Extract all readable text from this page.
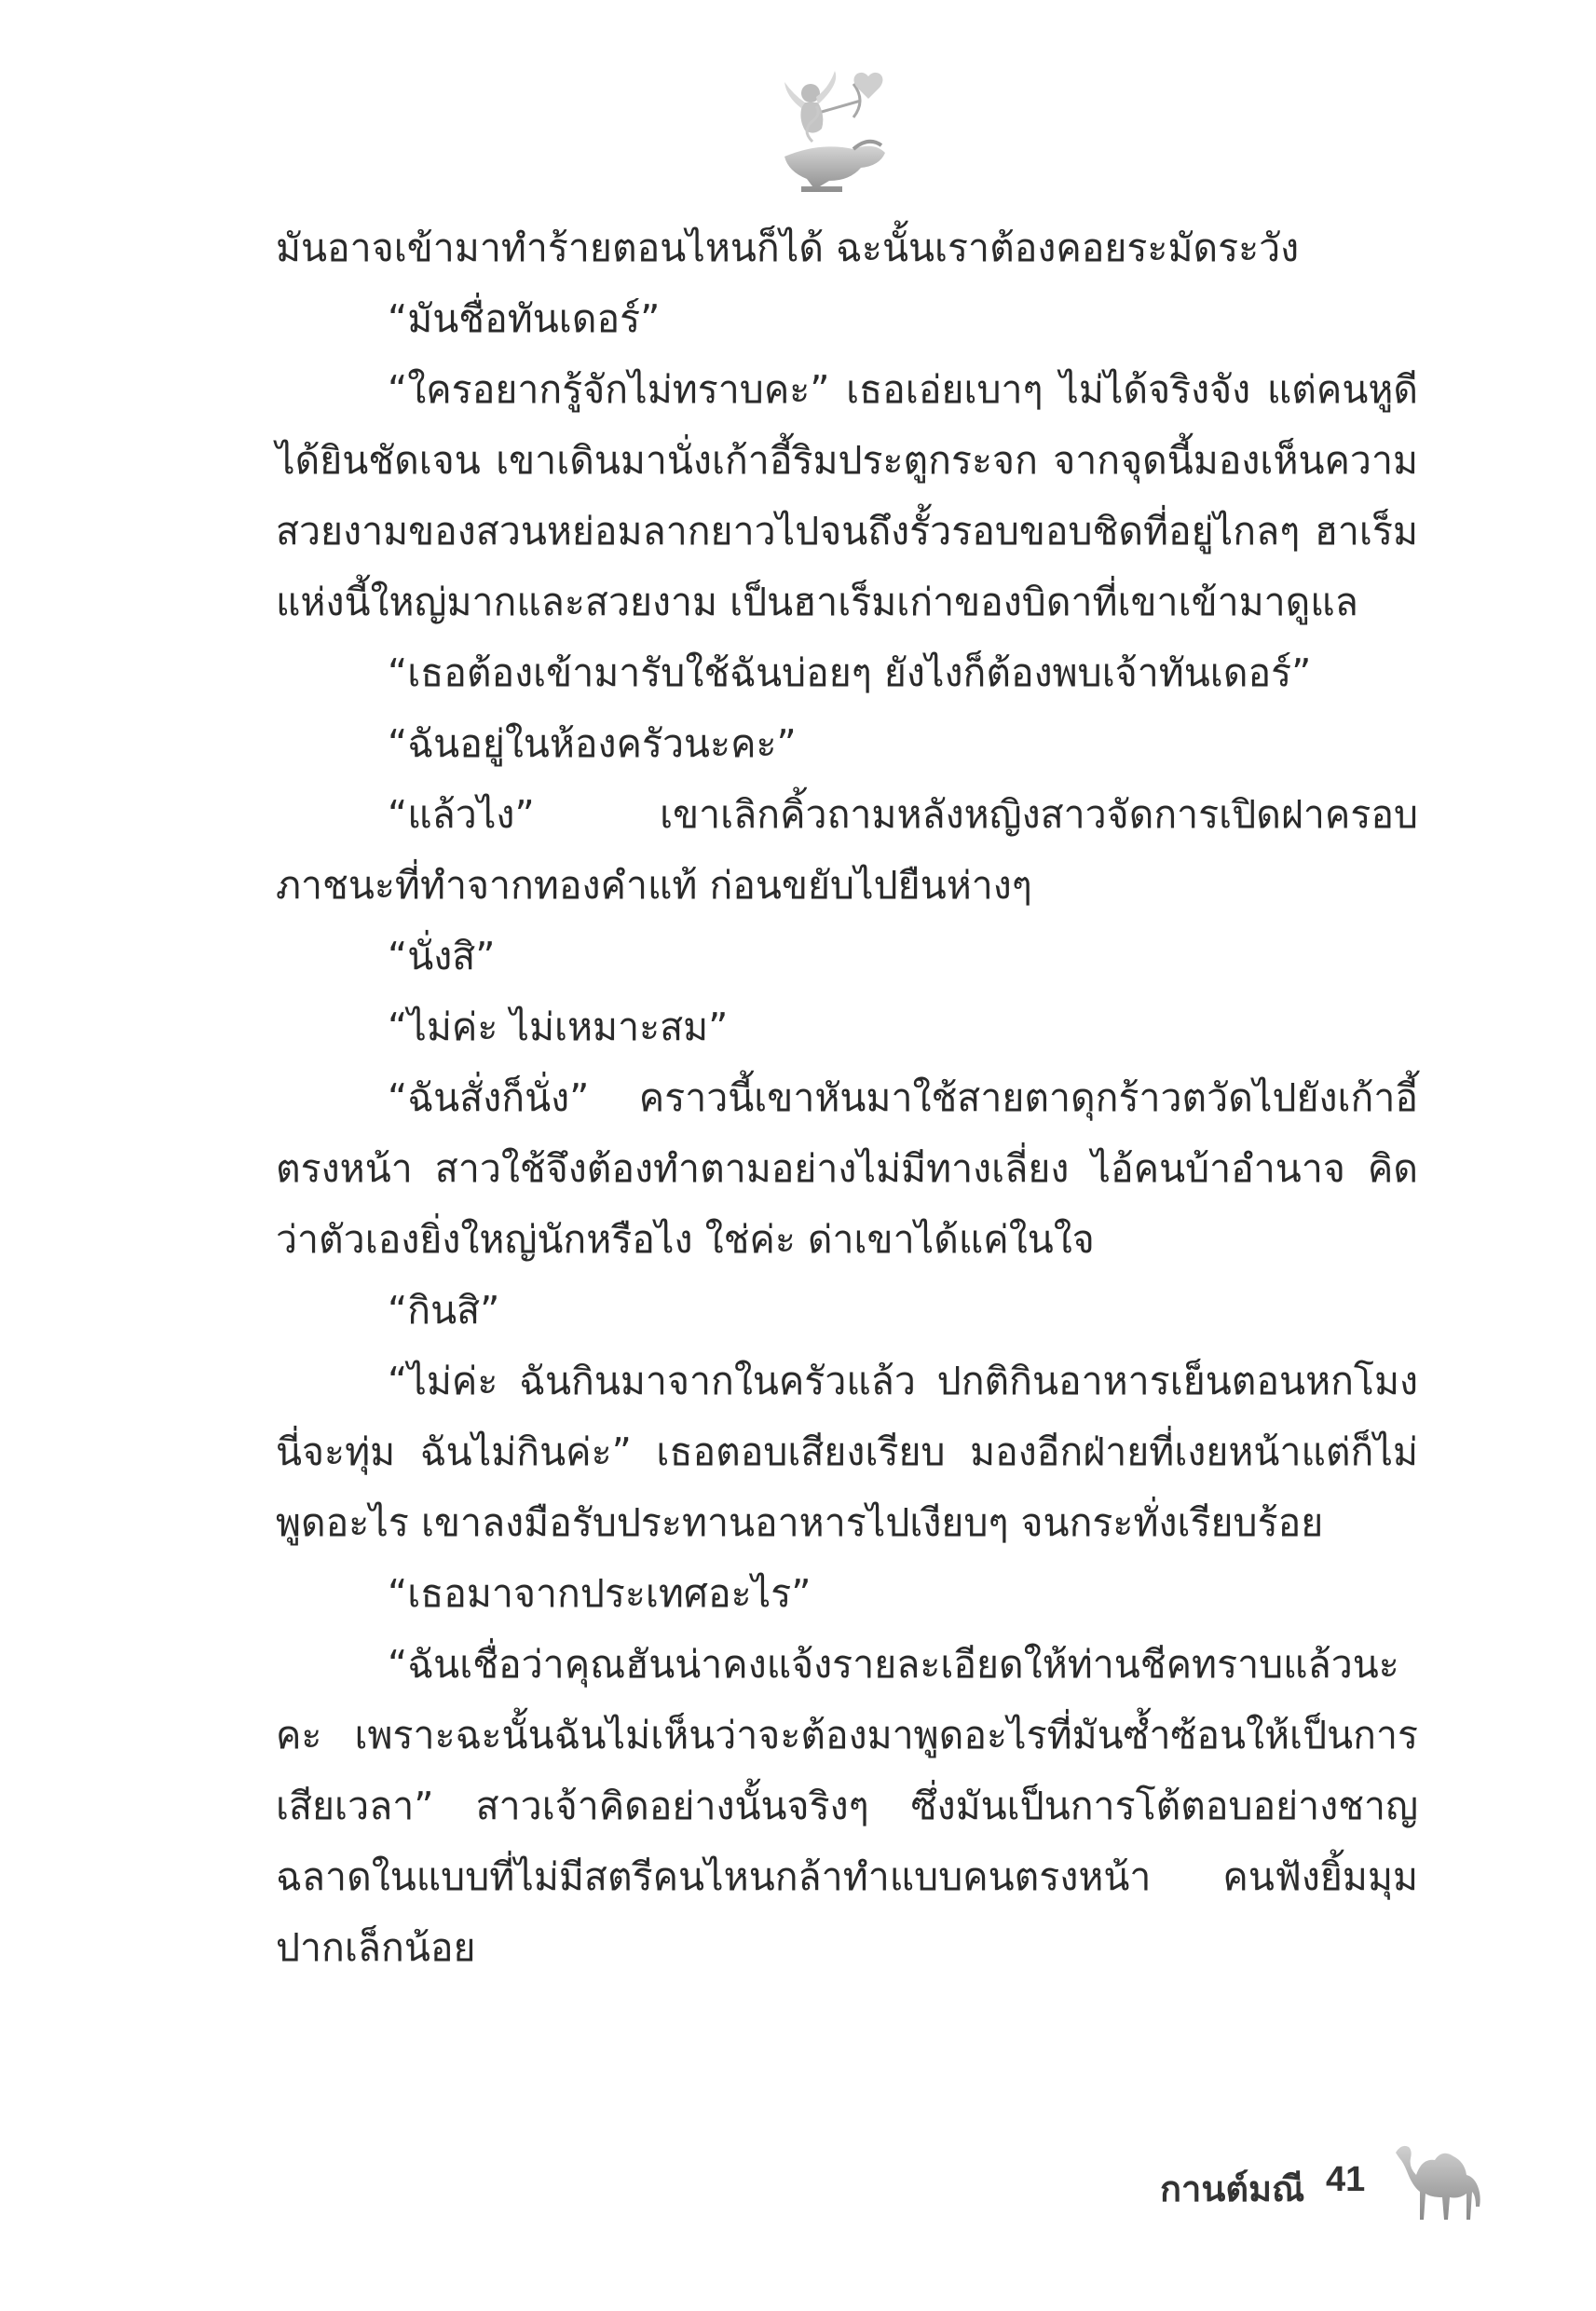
มันอาจเข้ามาทำร้ายตอนไหนก็ได้ ฉะนั้นเราต้องคอยระมัดระวัง

“มันชื่อทันเดอร์”

“ใครอยากรู้จักไม่ทราบคะ” เธอเอ่ยเบาๆ ไม่ได้จริงจัง แต่คนหูดีได้ยินชัดเจน เขาเดินมานั่งเก้าอี้ริมประตูกระจก จากจุดนี้มองเห็นความสวยงามของสวนหย่อมลากยาวไปจนถึงรั้วรอบขอบชิดที่อยู่ไกลๆ ฮาเร็มแห่งนี้ใหญ่มากและสวยงาม เป็นฮาเร็มเก่าของบิดาที่เขาเข้ามาดูแล

“เธอต้องเข้ามารับใช้ฉันบ่อยๆ ยังไงก็ต้องพบเจ้าทันเดอร์”

“ฉันอยู่ในห้องครัวนะคะ”

“แล้วไง” เขาเลิกคิ้วถามหลังหญิงสาวจัดการเปิดฝาครอบภาชนะที่ทำจากทองคำแท้ ก่อนขยับไปยืนห่างๆ

“นั่งสิ”

“ไม่ค่ะ ไม่เหมาะสม”

“ฉันสั่งก็นั่ง” คราวนี้เขาหันมาใช้สายตาดุกร้าวตวัดไปยังเก้าอี้ตรงหน้า สาวใช้จึงต้องทำตามอย่างไม่มีทางเลี่ยง ไอ้คนบ้าอำนาจ คิดว่าตัวเองยิ่งใหญ่นักหรือไง ใช่ค่ะ ด่าเขาได้แค่ในใจ

“กินสิ”

“ไม่ค่ะ ฉันกินมาจากในครัวแล้ว ปกติกินอาหารเย็นตอนหกโมงนี่จะทุ่ม ฉันไม่กินค่ะ” เธอตอบเสียงเรียบ มองอีกฝ่ายที่เงยหน้าแต่ก็ไม่พูดอะไร เขาลงมือรับประทานอาหารไปเงียบๆ จนกระทั่งเรียบร้อย

“เธอมาจากประเทศอะไร”

“ฉันเชื่อว่าคุณฮันน่าคงแจ้งรายละเอียดให้ท่านชีคทราบแล้วนะคะ เพราะฉะนั้นฉันไม่เห็นว่าจะต้องมาพูดอะไรที่มันซ้ำซ้อนให้เป็นการเสียเวลา” สาวเจ้าคิดอย่างนั้นจริงๆ ซึ่งมันเป็นการโต้ตอบอย่างชาญฉลาดในแบบที่ไม่มีสตรีคนไหนกล้าทำแบบคนตรงหน้า คนฟังยิ้มมุมปากเล็กน้อย

กานต์มณี 41
